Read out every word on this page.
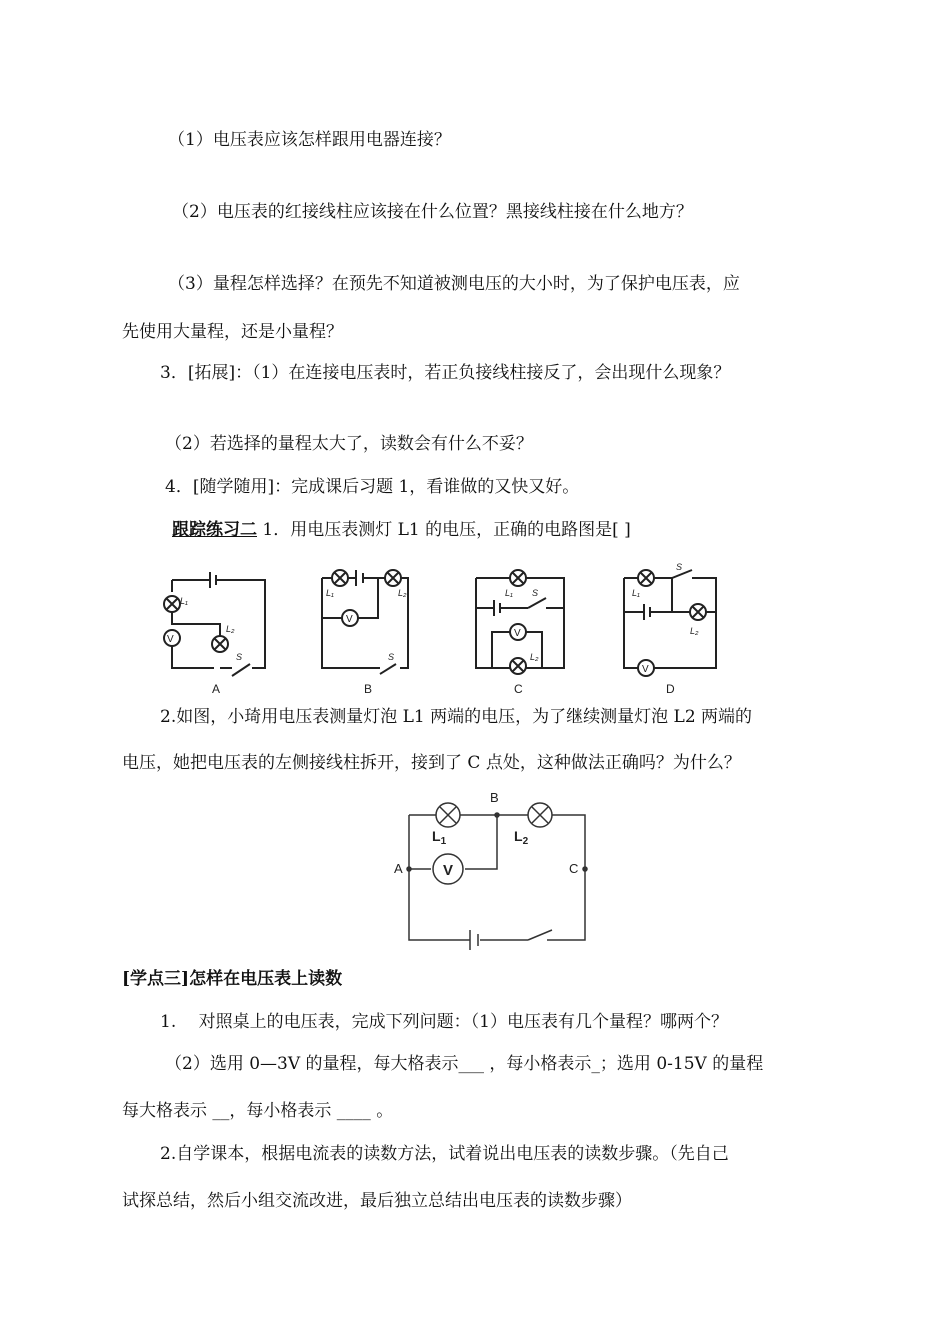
（1）电压表应该怎样跟用电器连接？
（2）电压表的红接线柱应该接在什么位置？黑接线柱接在什么地方？
（3）量程怎样选择？在预先不知道被测电压的大小时，为了保护电压表，应
先使用大量程，还是小量程？
3．[拓展]：（1）在连接电压表时，若正负接线柱接反了，会出现什么现象？
（2）若选择的量程太大了，读数会有什么不妥？
4．[随学随用]：完成课后习题 1，看谁做的又快又好。
跟踪练习二 1．用电压表测灯 L1 的电压，正确的电路图是[ ]
V
L₁
L₂
S
A
V
L₁	L₂
S
B
V
L₁
L₂
S
C
V
L₁
L₂
S
D
2.如图，小琦用电压表测量灯泡 L1 两端的电压，为了继续测量灯泡 L2 两端的
电压，她把电压表的左侧接线柱拆开，接到了 C 点处，这种做法正确吗？为什么？
V
A
B
C
$L_1$	$L_2$
[学点三]怎样在电压表上读数
1.　 对照桌上的电压表，完成下列问题：（1）电压表有几个量程？哪两个？
（2）选用 0—3V 的量程，每大格表示___ ，每小格表示_；选用 0-15V 的量程
每大格表示 __，每小格表示 ____ 。
2.自学课本，根据电流表的读数方法，试着说出电压表的读数步骤。（先自己
试探总结，然后小组交流改进，最后独立总结出电压表的读数步骤）
